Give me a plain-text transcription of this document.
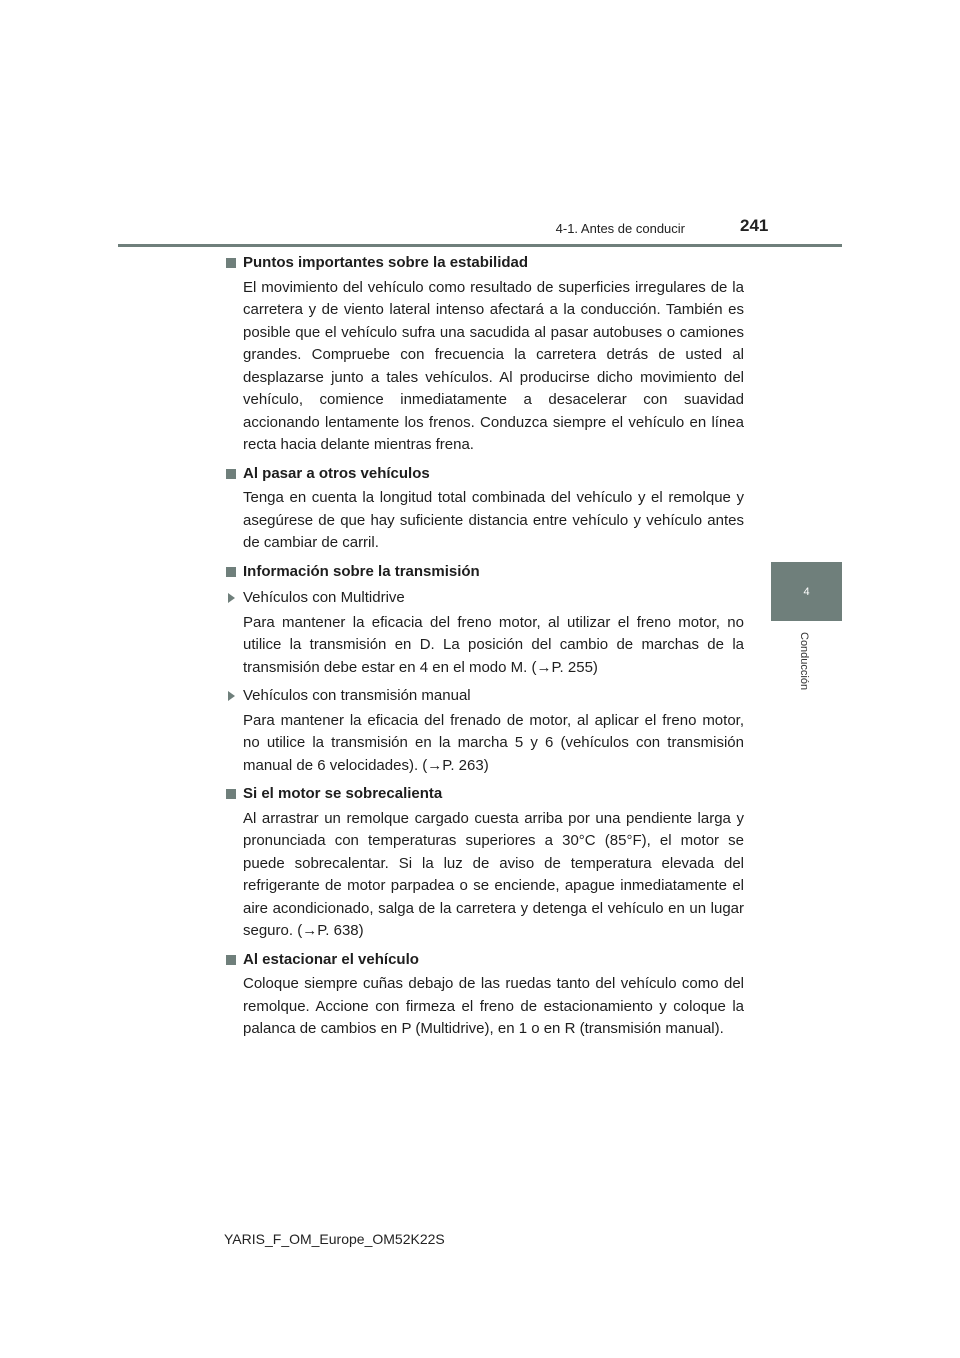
4-1. Antes de conducir	241
4
Conducción
Puntos importantes sobre la estabilidad

El movimiento del vehículo como resultado de superficies irregulares de la carretera y de viento lateral intenso afectará a la conducción. También es posible que el vehículo sufra una sacudida al pasar autobuses o camiones grandes. Compruebe con frecuencia la carretera detrás de usted al desplazarse junto a tales vehículos. Al producirse dicho movimiento del vehículo, comience inmediatamente a desacelerar con suavidad accionando lentamente los frenos. Conduzca siempre el vehículo en línea recta hacia delante mientras frena.

Al pasar a otros vehículos

Tenga en cuenta la longitud total combinada del vehículo y el remolque y asegúrese de que hay suficiente distancia entre vehículo y vehículo antes de cambiar de carril.

Información sobre la transmisión
Vehículos con Multidrive

Para mantener la eficacia del freno motor, al utilizar el freno motor, no utilice la transmisión en D. La posición del cambio de marchas de la transmisión debe estar en 4 en el modo M. (→P. 255)

Vehículos con transmisión manual

Para mantener la eficacia del frenado de motor, al aplicar el freno motor, no utilice la transmisión en la marcha 5 y 6 (vehículos con transmisión manual de 6 velocidades). (→P. 263)

Si el motor se sobrecalienta

Al arrastrar un remolque cargado cuesta arriba por una pendiente larga y pronunciada con temperaturas superiores a 30°C (85°F), el motor se puede sobrecalentar. Si la luz de aviso de temperatura elevada del refrigerante de motor parpadea o se enciende, apague inmediatamente el aire acondicionado, salga de la carretera y detenga el vehículo en un lugar seguro. (→P. 638)

Al estacionar el vehículo

Coloque siempre cuñas debajo de las ruedas tanto del vehículo como del remolque. Accione con firmeza el freno de estacionamiento y coloque la palanca de cambios en P (Multidrive), en 1 o en R (transmisión manual).

YARIS_F_OM_Europe_OM52K22S
